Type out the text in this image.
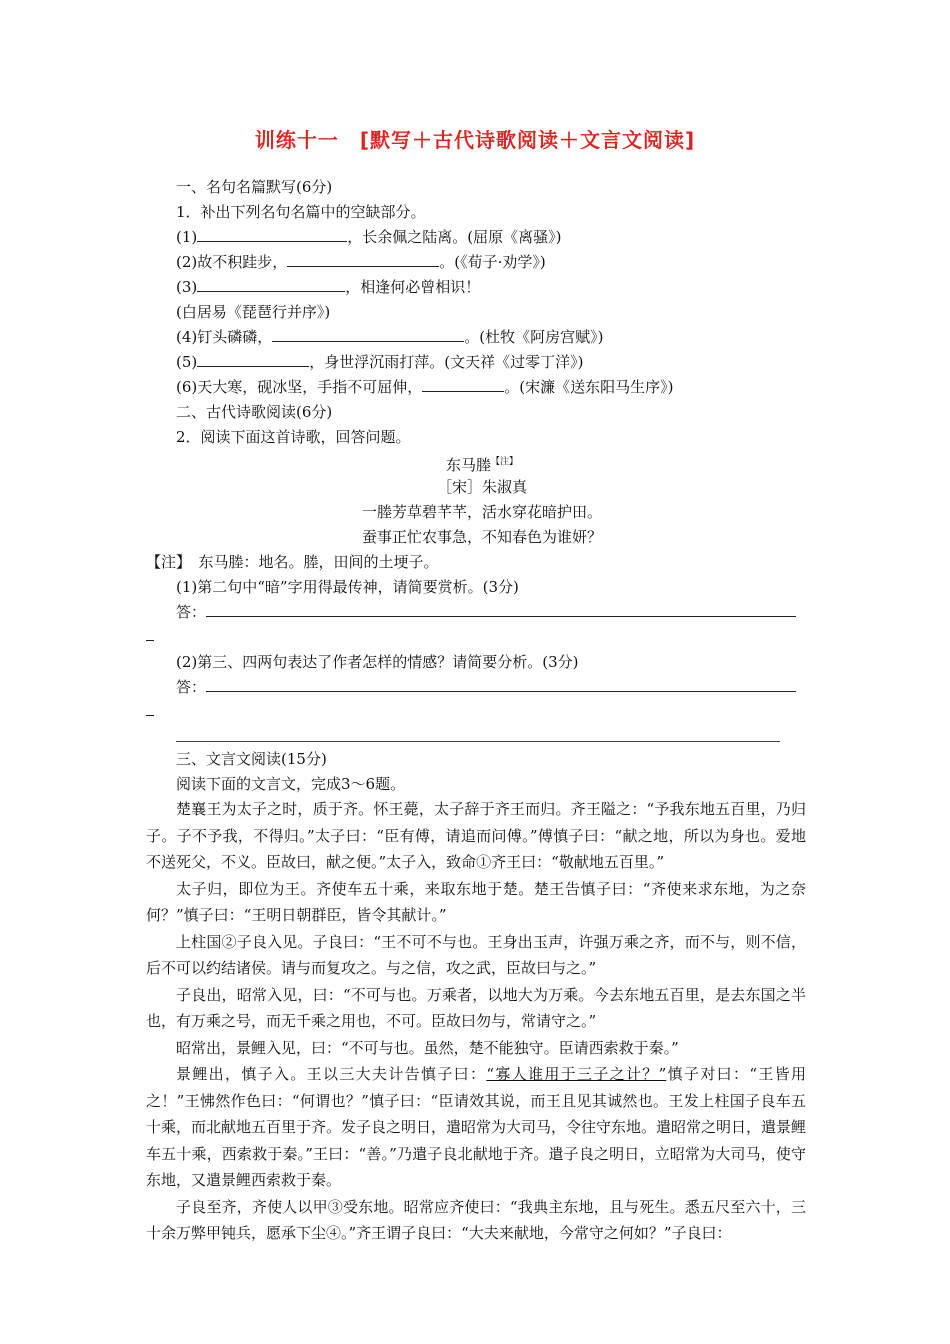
训练十一　[默写＋古代诗歌阅读＋文言文阅读]
一、名句名篇默写(6分)
1．补出下列名句名篇中的空缺部分。
(1)	，长余佩之陆离。(屈原《离骚》)
(2)故不积跬步，	。(《荀子·劝学》)
(3)	，相逢何必曾相识！
(白居易《琵琶行并序》)
(4)钉头磷磷，	。(杜牧《阿房宫赋》)
(5)	，身世浮沉雨打萍。(文天祥《过零丁洋》)
(6)天大寒，砚冰坚，手指不可屈伸，	。(宋濂《送东阳马生序》)
二、古代诗歌阅读(6分)
2．阅读下面这首诗歌，回答问题。
东马塍$^{【注】}$
［宋］朱淑真
一塍芳草碧芊芊，活水穿花暗护田。
蚕事正忙农事急，不知春色为谁妍？
【注】　东马塍：地名。塍，田间的土埂子。
(1)第二句中“暗”字用得最传神，请简要赏析。(3分)
答：
(2)第三、四两句表达了作者怎样的情感？请简要分析。(3分)
答：
三、文言文阅读(15分)
阅读下面的文言文，完成3～6题。

楚襄王为太子之时，质于齐。怀王薨，太子辞于齐王而归。齐王隘之：“予我东地五百里，乃归子。子不予我，不得归。”太子曰：“臣有傅，请追而问傅。”傅慎子曰：“献之地，所以为身也。爱地不送死父，不义。臣故曰，献之便。”太子入，致命①齐王曰：“敬献地五百里。”

太子归，即位为王。齐使车五十乘，来取东地于楚。楚王告慎子曰：“齐使来求东地，为之奈何？”慎子曰：“王明日朝群臣，皆令其献计。”

上柱国②子良入见。子良曰：“王不可不与也。王身出玉声，许强万乘之齐，而不与，则不信，后不可以约结诸侯。请与而复攻之。与之信，攻之武，臣故曰与之。”

子良出，昭常入见，曰：“不可与也。万乘者，以地大为万乘。今去东地五百里，是去东国之半也，有万乘之号，而无千乘之用也，不可。臣故曰勿与，常请守之。”

昭常出，景鲤入见，曰：“不可与也。虽然，楚不能独守。臣请西索救于秦。”

景鲤出，慎子入。王以三大夫计告慎子曰：“寡人谁用于三子之计？”慎子对曰：“王皆用之！”王怫然作色曰：“何谓也？”慎子曰：“臣请效其说，而王且见其诚然也。王发上柱国子良车五十乘，而北献地五百里于齐。发子良之明日，遣昭常为大司马，令往守东地。遣昭常之明日，遣景鲤车五十乘，西索救于秦。”王曰：“善。”乃遣子良北献地于齐。遣子良之明日，立昭常为大司马，使守东地，又遣景鲤西索救于秦。

子良至齐，齐使人以甲③受东地。昭常应齐使曰：“我典主东地，且与死生。悉五尺至六十，三十余万弊甲钝兵，愿承下尘④。”齐王谓子良曰：“大夫来献地，今常守之何如？”子良曰：
